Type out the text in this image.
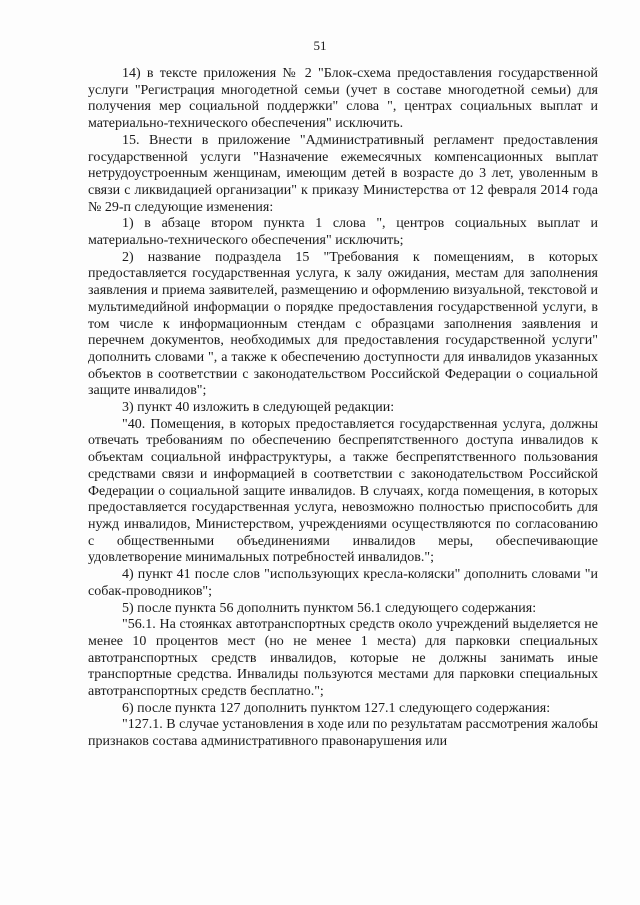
51

14) в тексте приложения № 2 "Блок-схема предоставления государственной услуги "Регистрация многодетной семьи (учет в составе многодетной семьи) для получения мер социальной поддержки" слова ", центрах социальных выплат и материально-технического обеспечения" исключить.

15. Внести в приложение "Административный регламент предоставления государственной услуги "Назначение ежемесячных компенсационных выплат нетрудоустроенным женщинам, имеющим детей в возрасте до 3 лет, уволенным в связи с ликвидацией организации" к приказу Министерства от 12 февраля 2014 года № 29-п следующие изменения:

1) в абзаце втором пункта 1 слова ", центров социальных выплат и материально-технического обеспечения" исключить;

2) название подраздела 15 "Требования к помещениям, в которых предоставляется государственная услуга, к залу ожидания, местам для заполнения заявления и приема заявителей, размещению и оформлению визуальной, текстовой и мультимедийной информации о порядке предоставления государственной услуги, в том числе к информационным стендам с образцами заполнения заявления и перечнем документов, необходимых для предоставления государственной услуги" дополнить словами ", а также к обеспечению доступности для инвалидов указанных объектов в соответствии с законодательством Российской Федерации о социальной защите инвалидов";

3) пункт 40 изложить в следующей редакции:

"40. Помещения, в которых предоставляется государственная услуга, должны отвечать требованиям по обеспечению беспрепятственного доступа инвалидов к объектам социальной инфраструктуры, а также беспрепятственного пользования средствами связи и информацией в соответствии с законодательством Российской Федерации о социальной защите инвалидов. В случаях, когда помещения, в которых предоставляется государственная услуга, невозможно полностью приспособить для нужд инвалидов, Министерством, учреждениями осуществляются по согласованию с общественными объединениями инвалидов меры, обеспечивающие удовлетворение минимальных потребностей инвалидов.";

4) пункт 41 после слов "использующих кресла-коляски" дополнить словами "и собак-проводников";

5) после пункта 56 дополнить пунктом 56.1 следующего содержания:

"56.1. На стоянках автотранспортных средств около учреждений выделяется не менее 10 процентов мест (но не менее 1 места) для парковки специальных автотранспортных средств инвалидов, которые не должны занимать иные транспортные средства. Инвалиды пользуются местами для парковки специальных автотранспортных средств бесплатно.";

6) после пункта 127 дополнить пунктом 127.1 следующего содержания:

"127.1. В случае установления в ходе или по результатам рассмотрения жалобы признаков состава административного правонарушения или
